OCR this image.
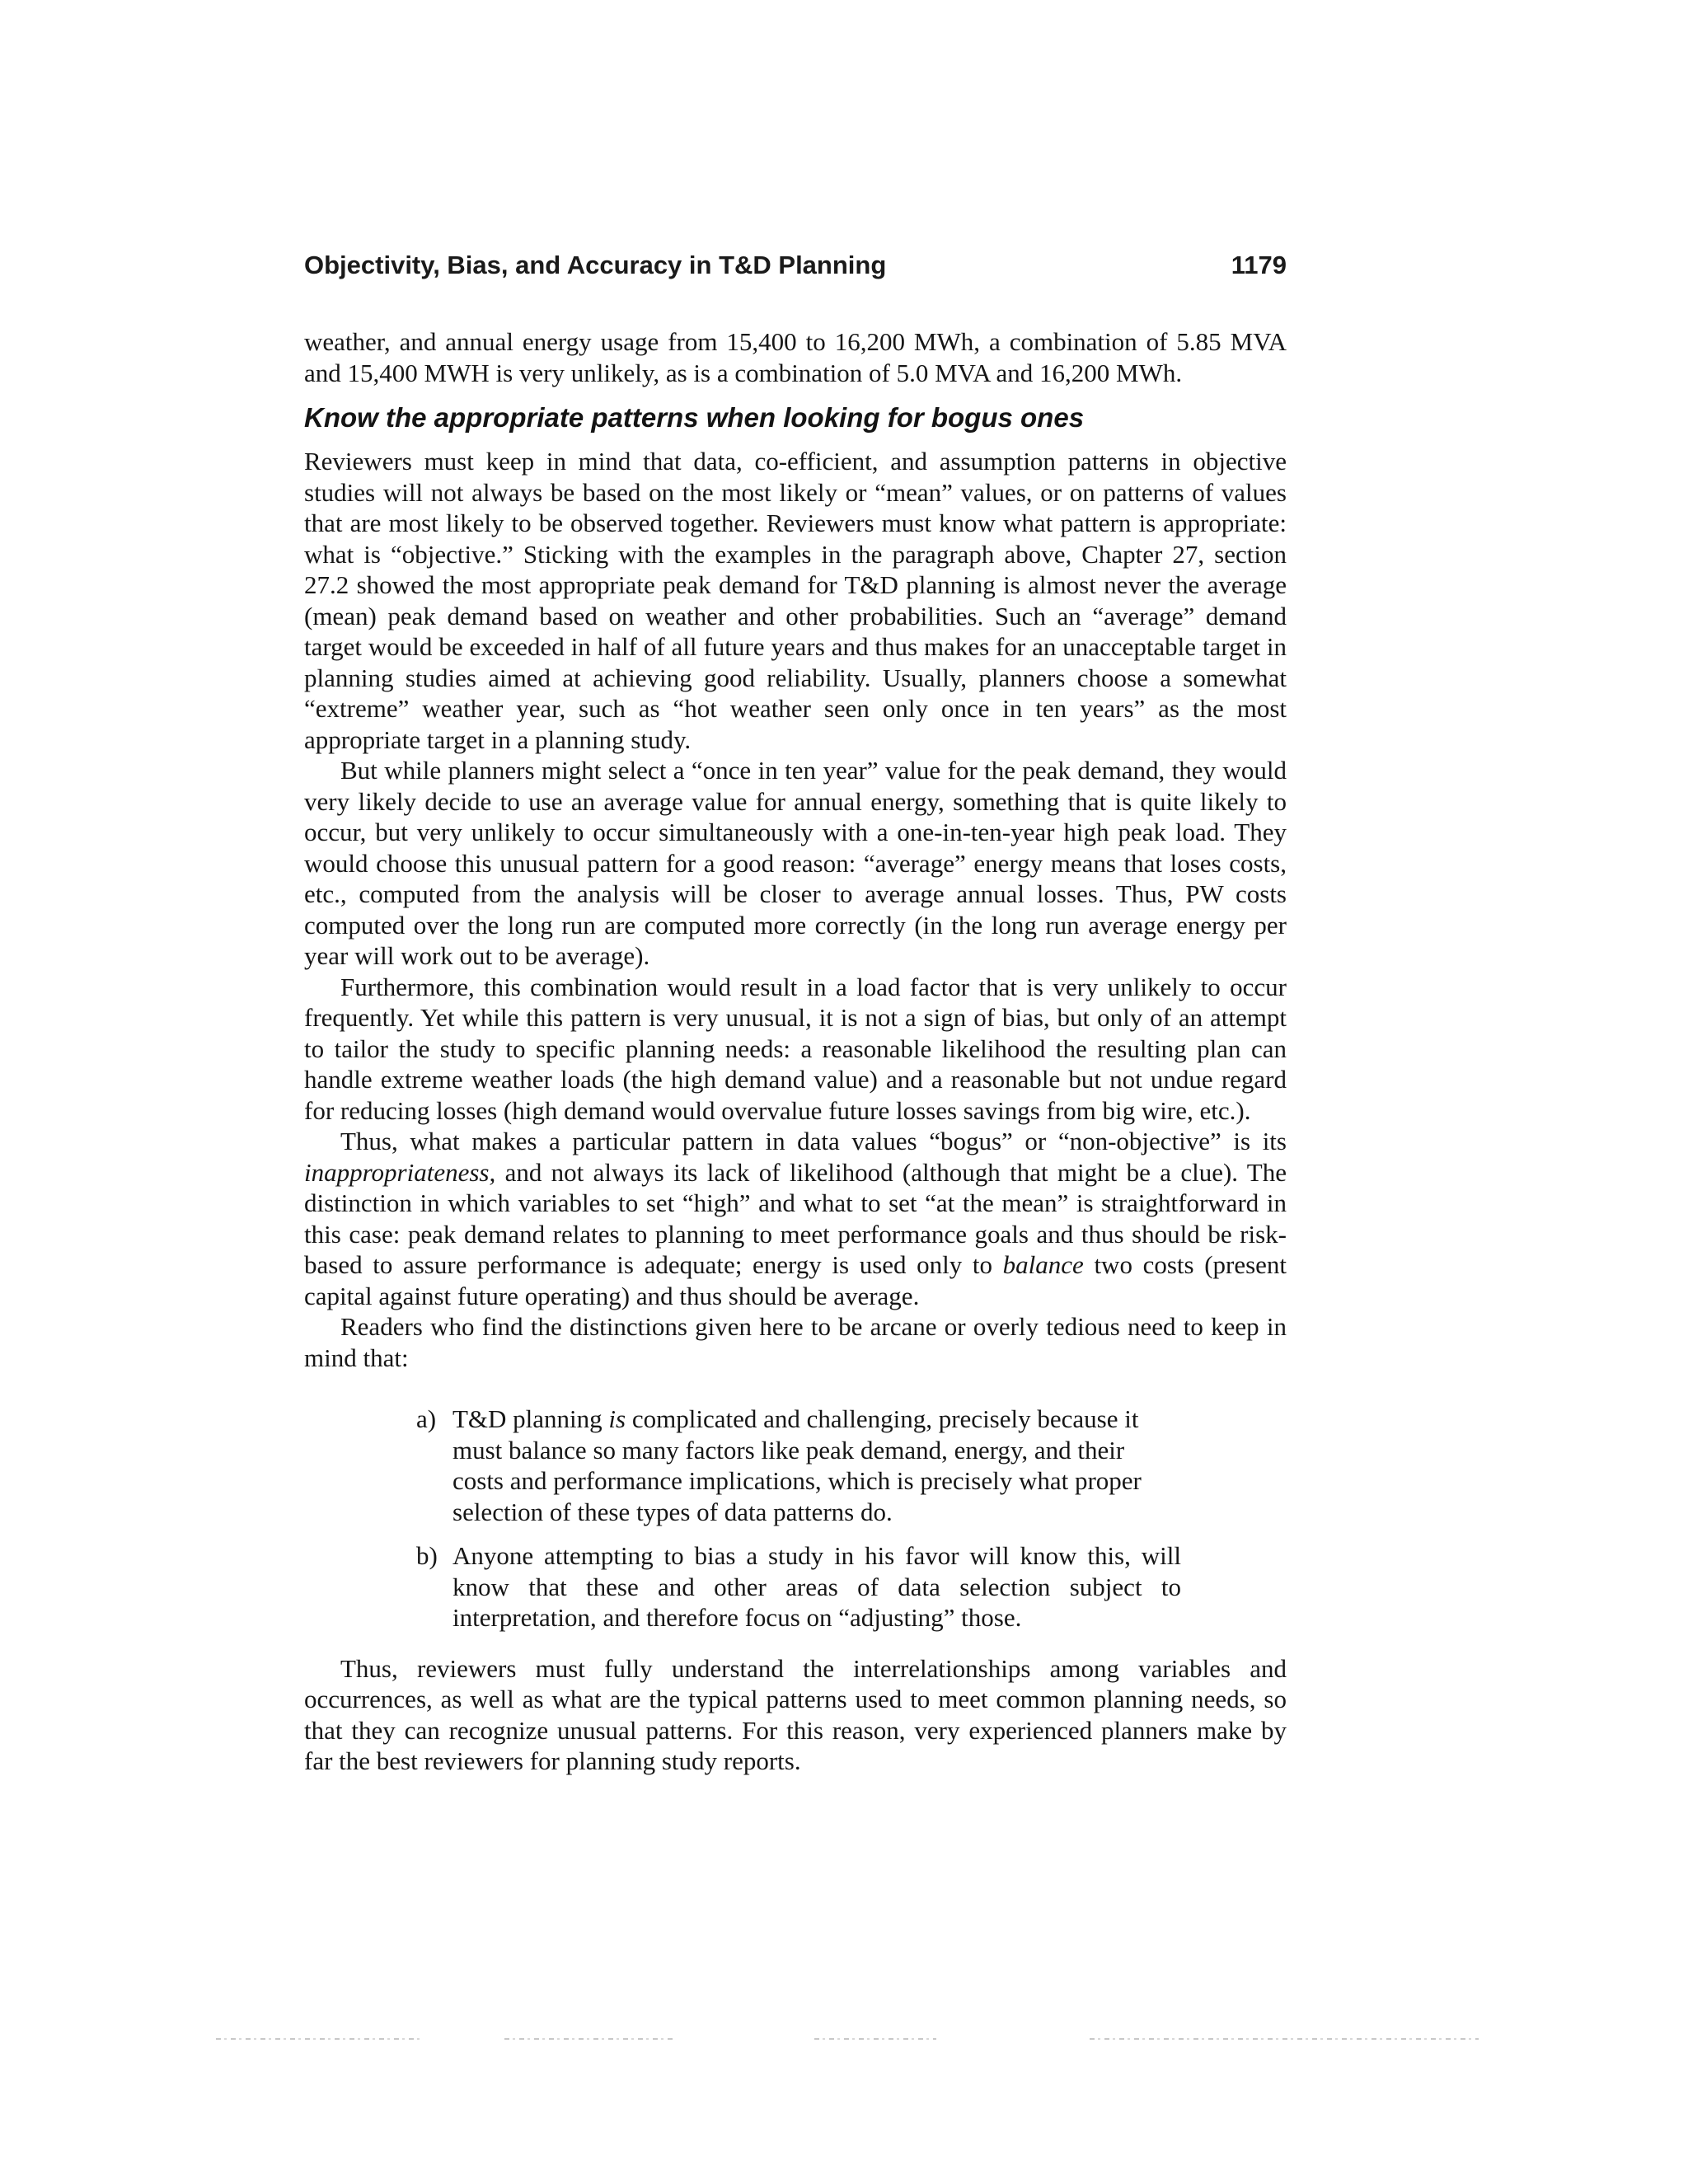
Objectivity, Bias, and Accuracy in T&D Planning	1179

weather, and annual energy usage from 15,400 to 16,200 MWh, a combination of 5.85 MVA and 15,400 MWH is very unlikely, as is a combination of 5.0 MVA and 16,200 MWh.

Know the appropriate patterns when looking for bogus ones

Reviewers must keep in mind that data, co-efficient, and assumption patterns in objective studies will not always be based on the most likely or “mean” values, or on patterns of values that are most likely to be observed together. Reviewers must know what pattern is appropriate: what is “objective.” Sticking with the examples in the paragraph above, Chapter 27, section 27.2 showed the most appropriate peak demand for T&D planning is almost never the average (mean) peak demand based on weather and other probabilities. Such an “average” demand target would be exceeded in half of all future years and thus makes for an unacceptable target in planning studies aimed at achieving good reliability. Usually, planners choose a somewhat “extreme” weather year, such as “hot weather seen only once in ten years” as the most appropriate target in a planning study.

But while planners might select a “once in ten year” value for the peak demand, they would very likely decide to use an average value for annual energy, something that is quite likely to occur, but very unlikely to occur simultaneously with a one-in-ten-year high peak load. They would choose this unusual pattern for a good reason: “average” energy means that loses costs, etc., computed from the analysis will be closer to average annual losses. Thus, PW costs computed over the long run are computed more correctly (in the long run average energy per year will work out to be average).

Furthermore, this combination would result in a load factor that is very unlikely to occur frequently. Yet while this pattern is very unusual, it is not a sign of bias, but only of an attempt to tailor the study to specific planning needs: a reasonable likelihood the resulting plan can handle extreme weather loads (the high demand value) and a reasonable but not undue regard for reducing losses (high demand would overvalue future losses savings from big wire, etc.).

Thus, what makes a particular pattern in data values “bogus” or “non-objective” is its inappropriateness, and not always its lack of likelihood (although that might be a clue). The distinction in which variables to set “high” and what to set “at the mean” is straightforward in this case: peak demand relates to planning to meet performance goals and thus should be risk-based to assure performance is adequate; energy is used only to balance two costs (present capital against future operating) and thus should be average.

Readers who find the distinctions given here to be arcane or overly tedious need to keep in mind that:

a) T&D planning is complicated and challenging, precisely because it must balance so many factors like peak demand, energy, and their costs and performance implications, which is precisely what proper selection of these types of data patterns do.
b) Anyone attempting to bias a study in his favor will know this, will know that these and other areas of data selection subject to interpretation, and therefore focus on “adjusting” those.

Thus, reviewers must fully understand the interrelationships among variables and occurrences, as well as what are the typical patterns used to meet common planning needs, so that they can recognize unusual patterns. For this reason, very experienced planners make by far the best reviewers for planning study reports.
